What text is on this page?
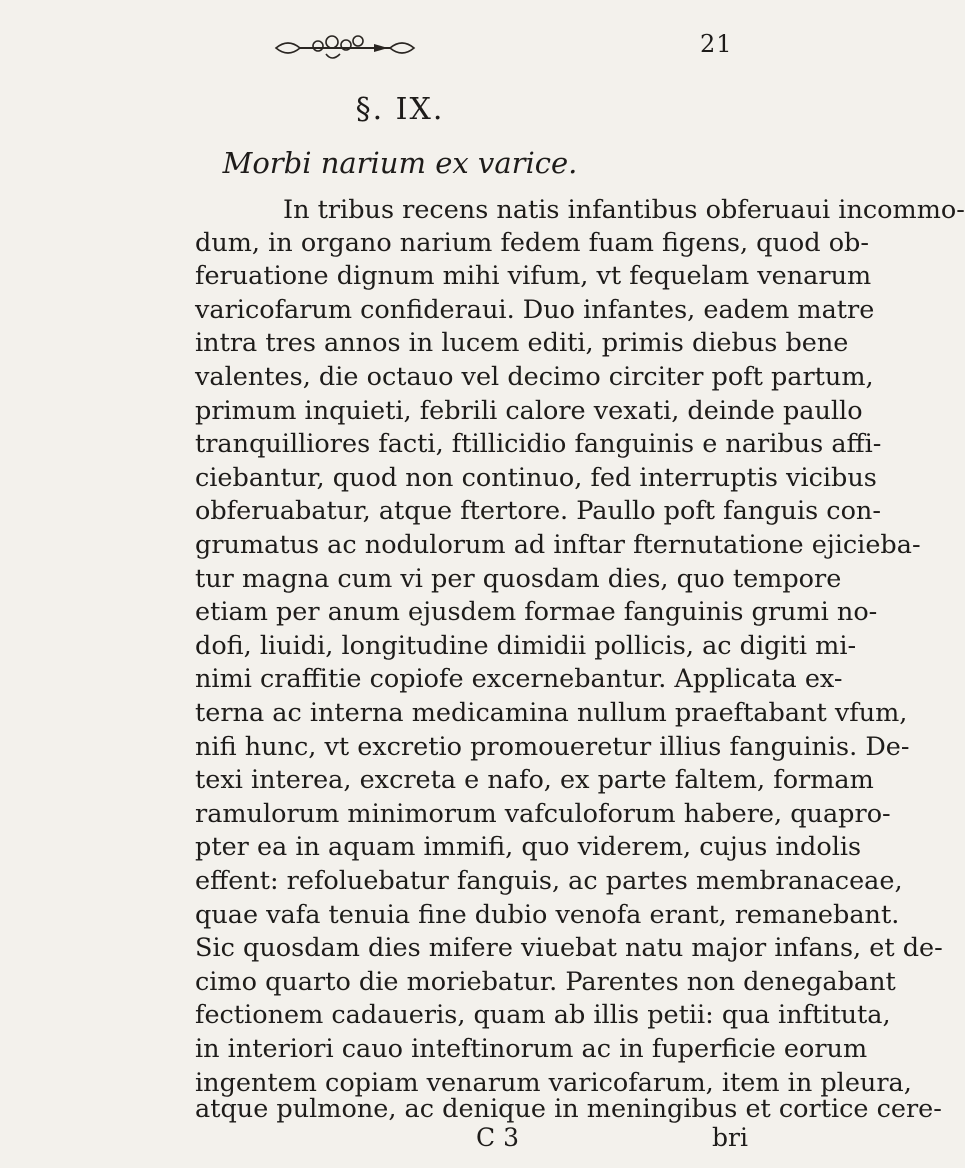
21
§. IX.
Morbi narium ex varice.
In tribus recens natis infantibus obferuaui incommo-
dum, in organo narium fedem fuam figens, quod ob-
feruatione dignum mihi vifum, vt fequelam venarum
varicofarum confideraui. Duo infantes, eadem matre
intra tres annos in lucem editi, primis diebus bene
valentes, die octauo vel decimo circiter poft partum,
primum inquieti, febrili calore vexati, deinde paullo
tranquilliores facti, ftillicidio fanguinis e naribus affi-
ciebantur, quod non continuo, fed interruptis vicibus
obferuabatur, atque ftertore. Paullo poft fanguis con-
grumatus ac nodulorum ad inftar fternutatione ejicieba-
tur magna cum vi per quosdam dies, quo tempore
etiam per anum ejusdem formae fanguinis grumi no-
dofi, liuidi, longitudine dimidii pollicis, ac digiti mi-
nimi craffitie copiofe excernebantur. Applicata ex-
terna ac interna medicamina nullum praeftabant vfum,
nifi hunc, vt excretio promoueretur illius fanguinis. De-
texi interea, excreta e nafo, ex parte faltem, formam
ramulorum minimorum vafculoforum habere, quapro-
pter ea in aquam immifi, quo viderem, cujus indolis
effent: refoluebatur fanguis, ac partes membranaceae,
quae vafa tenuia fine dubio venofa erant, remanebant.
Sic quosdam dies mifere viuebat natu major infans, et de-
cimo quarto die moriebatur. Parentes non denegabant
fectionem cadaueris, quam ab illis petii: qua inftituta,
in interiori cauo inteftinorum ac in fuperficie eorum
ingentem copiam venarum varicofarum, item in pleura,
atque pulmone, ac denique in meningibus et cortice cere-
C 3	bri
